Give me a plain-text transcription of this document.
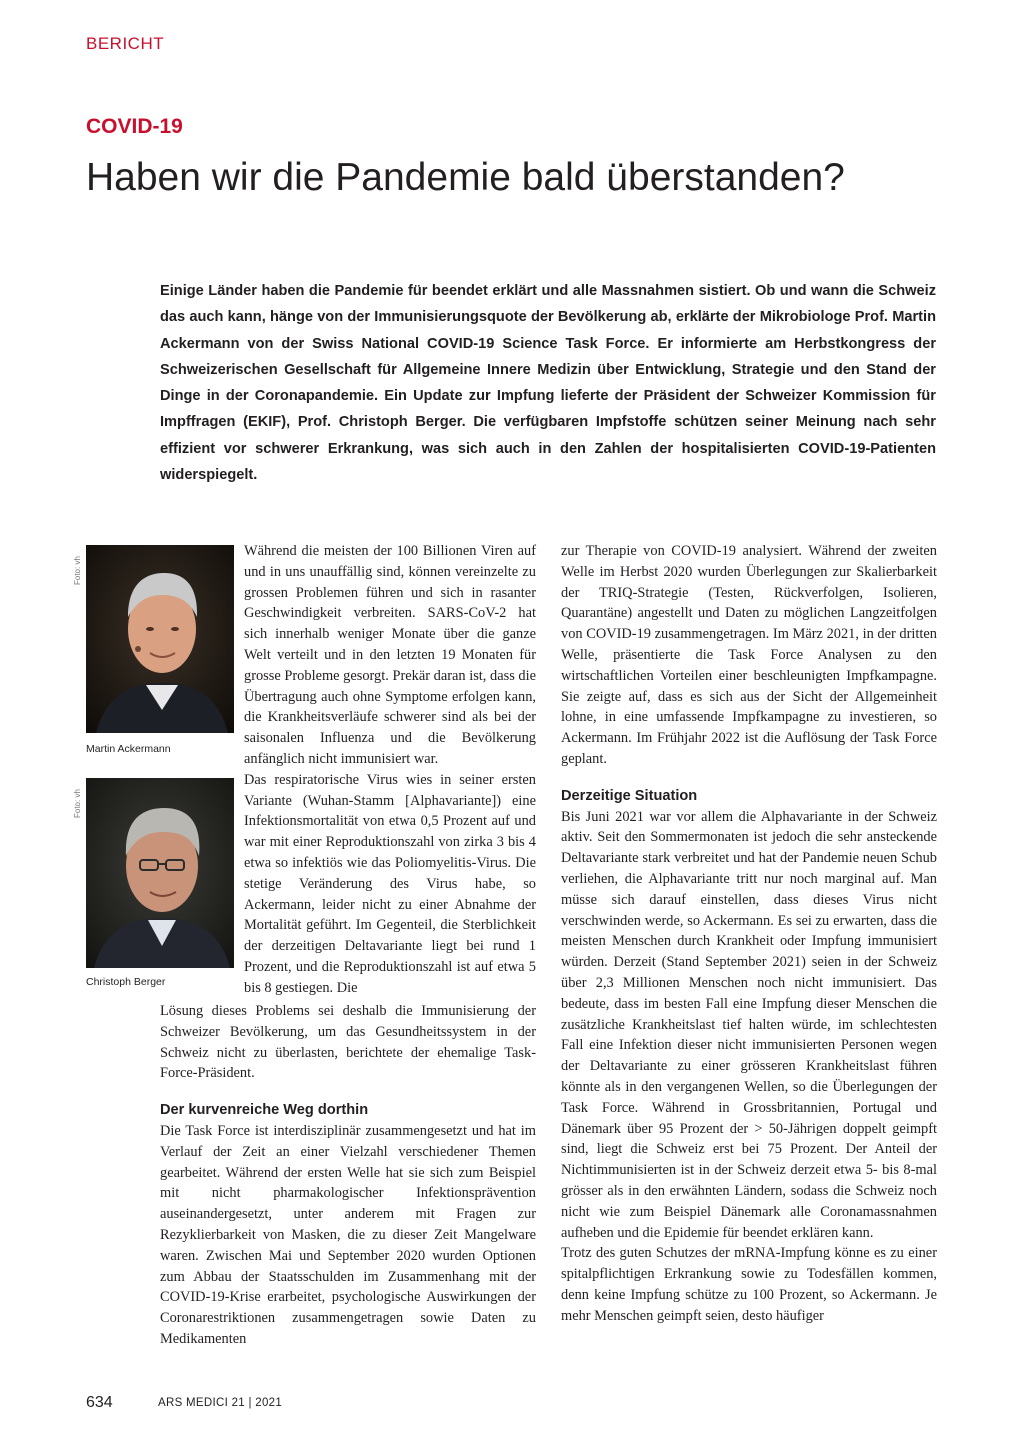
BERICHT
COVID-19
Haben wir die Pandemie bald überstanden?

Einige Länder haben die Pandemie für beendet erklärt und alle Massnahmen sistiert. Ob und wann die Schweiz das auch kann, hänge von der Immunisierungsquote der Bevölkerung ab, erklärte der Mikrobiologe Prof. Martin Ackermann von der Swiss National COVID-19 Science Task Force. Er informierte am Herbstkongress der Schweizerischen Gesellschaft für Allgemeine Innere Medizin über Entwicklung, Strategie und den Stand der Dinge in der Coronapandemie. Ein Update zur Impfung lieferte der Präsident der Schweizer Kommission für Impffragen (EKIF), Prof. Christoph Berger. Die verfügbaren Impfstoffe schützen seiner Meinung nach sehr effizient vor schwerer Erkrankung, was sich auch in den Zahlen der hospitalisierten COVID-19-Patienten widerspiegelt.

Foto: vh
Martin Ackermann
Foto: vh
Christoph Berger

Während die meisten der 100 Billionen Viren auf und in uns unauffällig sind, können vereinzelte zu grossen Problemen führen und sich in rasanter Geschwindigkeit verbreiten. SARS-CoV-2 hat sich innerhalb weniger Monate über die ganze Welt verteilt und in den letzten 19 Monaten für grosse Probleme gesorgt. Prekär daran ist, dass die Übertragung auch ohne Symptome erfolgen kann, die Krankheitsverläufe schwerer sind als bei der saisonalen Influenza und die Bevölkerung anfänglich nicht immunisiert war.

Das respiratorische Virus wies in seiner ersten Variante (Wuhan-Stamm [Alphavariante]) eine Infektionsmortalität von etwa 0,5 Prozent auf und war mit einer Reproduktionszahl von zirka 3 bis 4 etwa so infektiös wie das Poliomyelitis-Virus. Die stetige Veränderung des Virus habe, so Ackermann, leider nicht zu einer Abnahme der Mortalität geführt. Im Gegenteil, die Sterblichkeit der derzeitigen Deltavariante liegt bei rund 1 Prozent, und die Reproduktionszahl ist auf etwa 5 bis 8 gestiegen. Die

Lösung dieses Problems sei deshalb die Immunisierung der Schweizer Bevölkerung, um das Gesundheitssystem in der Schweiz nicht zu überlasten, berichtete der ehemalige Task-Force-Präsident.

Der kurvenreiche Weg dorthin

Die Task Force ist interdisziplinär zusammengesetzt und hat im Verlauf der Zeit an einer Vielzahl verschiedener Themen gearbeitet. Während der ersten Welle hat sie sich zum Beispiel mit nicht pharmakologischer Infektionsprävention auseinandergesetzt, unter anderem mit Fragen zur Rezyklierbarkeit von Masken, die zu dieser Zeit Mangelware waren. Zwischen Mai und September 2020 wurden Optionen zum Abbau der Staatsschulden im Zusammenhang mit der COVID-19-Krise erarbeitet, psychologische Auswirkungen der Coronarestriktionen zusammengetragen sowie Daten zu Medikamenten

zur Therapie von COVID-19 analysiert. Während der zweiten Welle im Herbst 2020 wurden Überlegungen zur Skalierbarkeit der TRIQ-Strategie (Testen, Rückverfolgen, Isolieren, Quarantäne) angestellt und Daten zu möglichen Langzeitfolgen von COVID-19 zusammengetragen. Im März 2021, in der dritten Welle, präsentierte die Task Force Analysen zu den wirtschaftlichen Vorteilen einer beschleunigten Impfkampagne. Sie zeigte auf, dass es sich aus der Sicht der Allgemeinheit lohne, in eine umfassende Impfkampagne zu investieren, so Ackermann. Im Frühjahr 2022 ist die Auflösung der Task Force geplant.

Derzeitige Situation

Bis Juni 2021 war vor allem die Alphavariante in der Schweiz aktiv. Seit den Sommermonaten ist jedoch die sehr ansteckende Deltavariante stark verbreitet und hat der Pandemie neuen Schub verliehen, die Alphavariante tritt nur noch marginal auf. Man müsse sich darauf einstellen, dass dieses Virus nicht verschwinden werde, so Ackermann. Es sei zu erwarten, dass die meisten Menschen durch Krankheit oder Impfung immunisiert würden. Derzeit (Stand September 2021) seien in der Schweiz über 2,3 Millionen Menschen noch nicht immunisiert. Das bedeute, dass im besten Fall eine Impfung dieser Menschen die zusätzliche Krankheitslast tief halten würde, im schlechtesten Fall eine Infektion dieser nicht immunisierten Personen wegen der Deltavariante zu einer grösseren Krankheitslast führen könnte als in den vergangenen Wellen, so die Überlegungen der Task Force. Während in Grossbritannien, Portugal und Dänemark über 95 Prozent der > 50-Jährigen doppelt geimpft sind, liegt die Schweiz erst bei 75 Prozent. Der Anteil der Nichtimmunisierten ist in der Schweiz derzeit etwa 5- bis 8-mal grösser als in den erwähnten Ländern, sodass die Schweiz noch nicht wie zum Beispiel Dänemark alle Coronamassnahmen aufheben und die Epidemie für beendet erklären kann.

Trotz des guten Schutzes der mRNA-Impfung könne es zu einer spitalpflichtigen Erkrankung sowie zu Todesfällen kommen, denn keine Impfung schütze zu 100 Prozent, so Ackermann. Je mehr Menschen geimpft seien, desto häufiger

634	ARS MEDICI 21 | 2021
